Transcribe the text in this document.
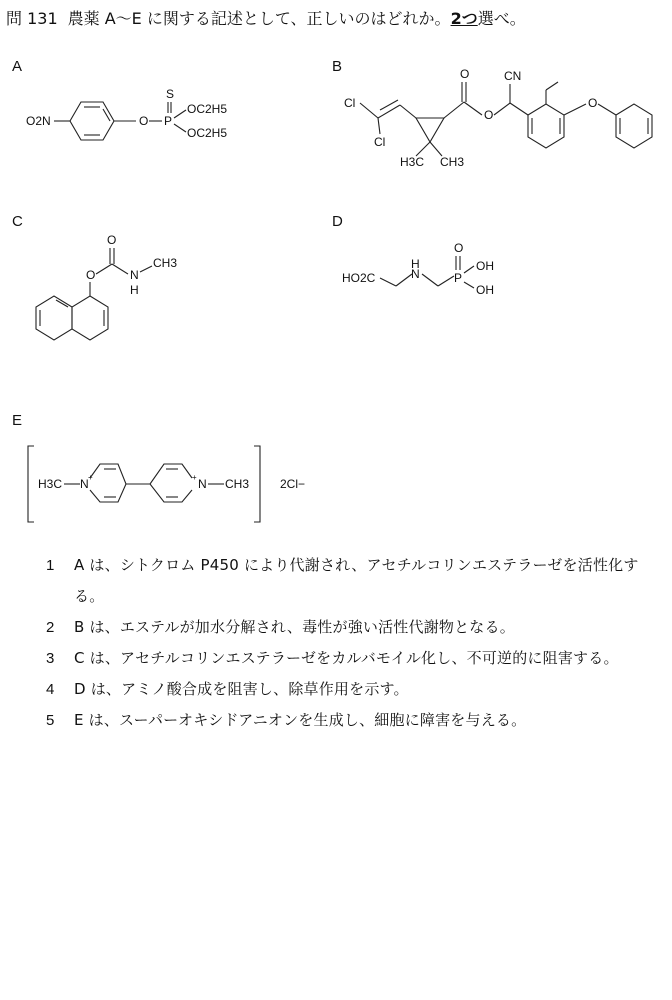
問 131 農薬 A～E に関する記述として、正しいのはどれか。2つ選べ。
A
O2N	O P
S
OC2H5
OC2H5
B
Cl
Cl
H3C CH3
O
O
CN
O
C
O
O	N
H
CH3
D
HO2C
H
N	P
O
OH
OH
E
H3C N +	+ N CH3	2Cl−
1	A は、シトクロム P450 により代謝され、アセチルコリンエステラーゼを活性化する。
2	B は、エステルが加水分解され、毒性が強い活性代謝物となる。
3	C は、アセチルコリンエステラーゼをカルバモイル化し、不可逆的に阻害する。
4	D は、アミノ酸合成を阻害し、除草作用を示す。
5	E は、スーパーオキシドアニオンを生成し、細胞に障害を与える。
